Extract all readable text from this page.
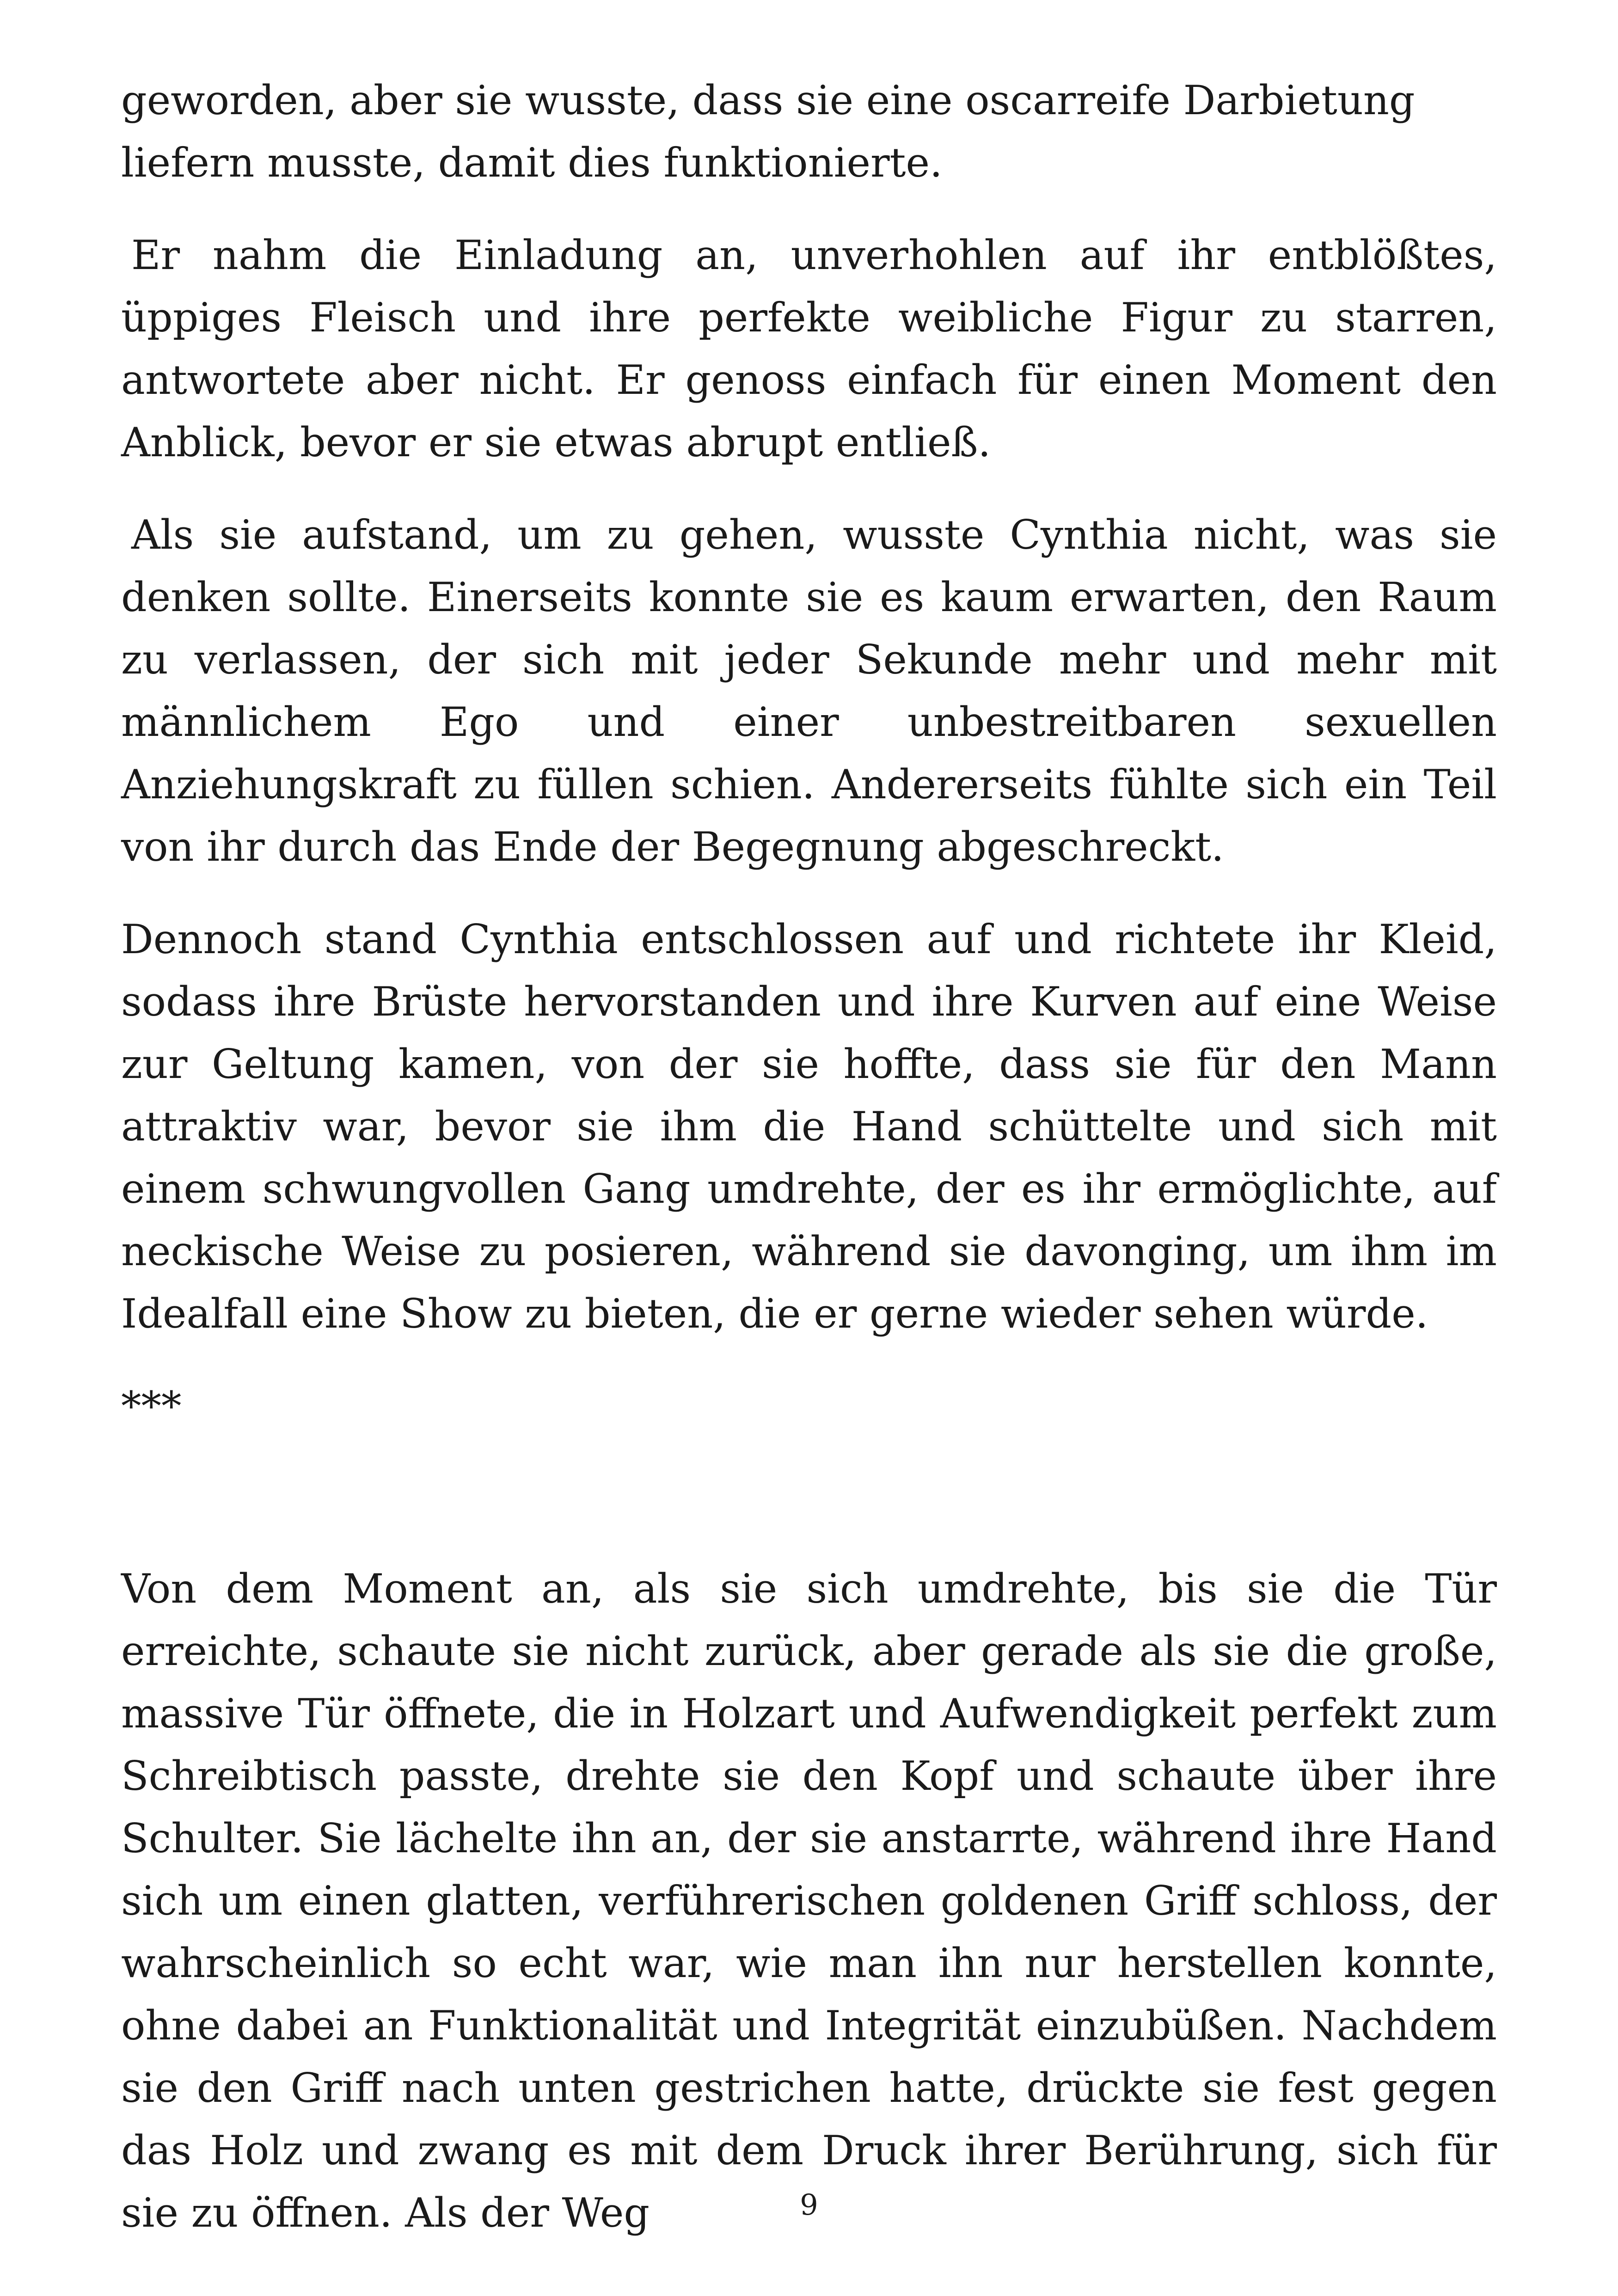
geworden, aber sie wusste, dass sie eine oscarreife Darbietung liefern musste, damit dies funktionierte.

Er nahm die Einladung an, unverhohlen auf ihr entblößtes, üppiges Fleisch und ihre perfekte weibliche Figur zu starren, antwortete aber nicht. Er genoss einfach für einen Moment den Anblick, bevor er sie etwas abrupt entließ.

Als sie aufstand, um zu gehen, wusste Cynthia nicht, was sie denken sollte. Einerseits konnte sie es kaum erwarten, den Raum zu verlassen, der sich mit jeder Sekunde mehr und mehr mit männlichem Ego und einer unbestreitbaren sexuellen Anziehungskraft zu füllen schien. Andererseits fühlte sich ein Teil von ihr durch das Ende der Begegnung abgeschreckt.

Dennoch stand Cynthia entschlossen auf und richtete ihr Kleid, sodass ihre Brüste hervorstanden und ihre Kurven auf eine Weise zur Geltung kamen, von der sie hoffte, dass sie für den Mann attraktiv war, bevor sie ihm die Hand schüttelte und sich mit einem schwungvollen Gang umdrehte, der es ihr ermöglichte, auf neckische Weise zu posieren, während sie davonging, um ihm im Idealfall eine Show zu bieten, die er gerne wieder sehen würde.

***

Von dem Moment an, als sie sich umdrehte, bis sie die Tür erreichte, schaute sie nicht zurück, aber gerade als sie die große, massive Tür öffnete, die in Holzart und Aufwendigkeit perfekt zum Schreibtisch passte, drehte sie den Kopf und schaute über ihre Schulter. Sie lächelte ihn an, der sie anstarrte, während ihre Hand sich um einen glatten, verführerischen goldenen Griff schloss, der wahrscheinlich so echt war, wie man ihn nur herstellen konnte, ohne dabei an Funktionalität und Integrität einzubüßen. Nachdem sie den Griff nach unten gestrichen hatte, drückte sie fest gegen das Holz und zwang es mit dem Druck ihrer Berührung, sich für sie zu öffnen. Als der Weg	9
